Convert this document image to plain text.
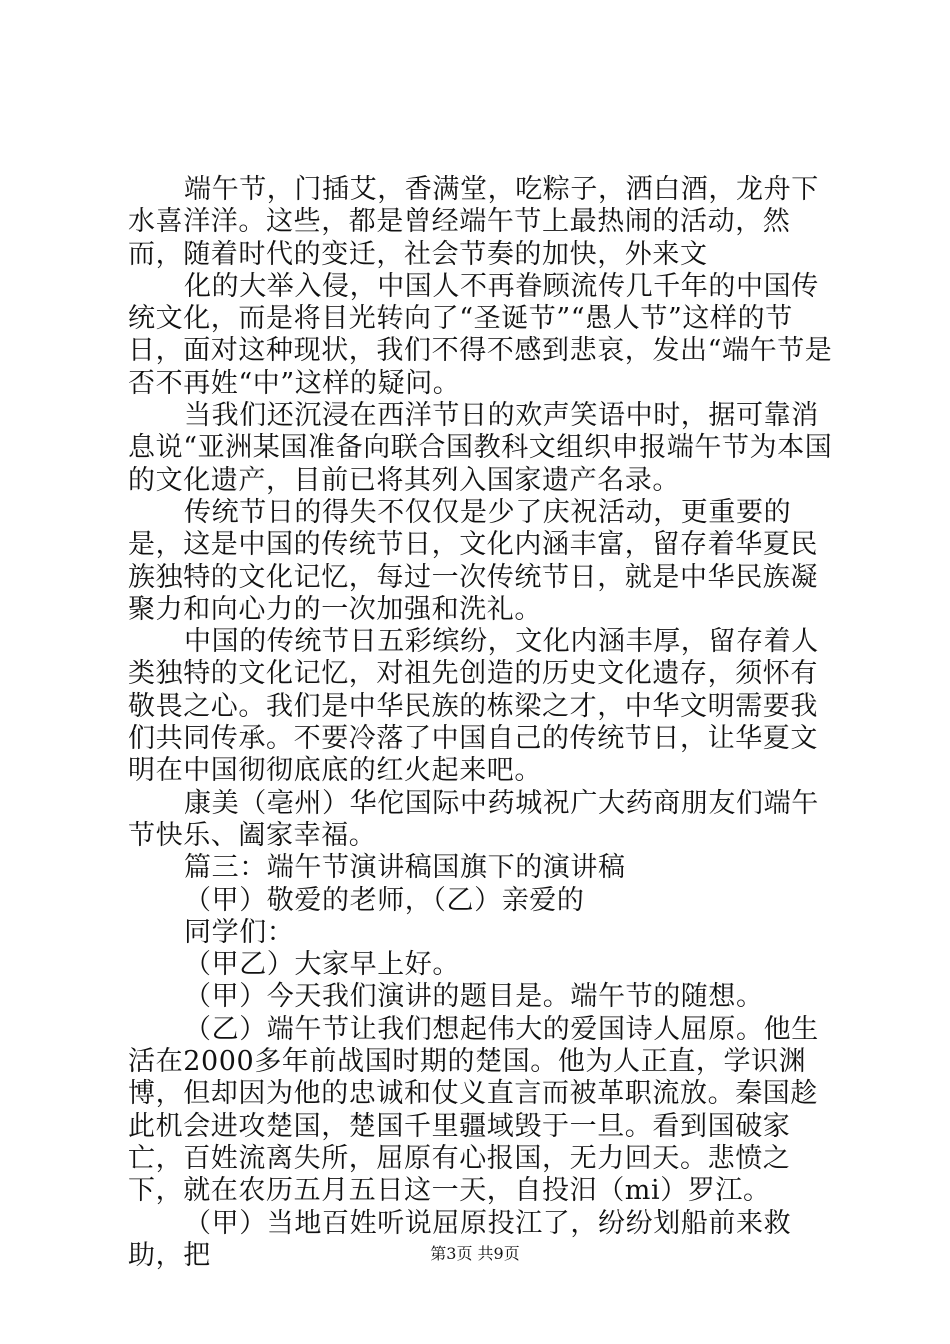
端午节，门插艾，香满堂，吃粽子，洒白酒，龙舟下水喜洋洋。这些，都是曾经端午节上最热闹的活动，然而，随着时代的变迁，社会节奏的加快，外来文

化的大举入侵，中国人不再眷顾流传几千年的中国传统文化，而是将目光转向了“圣诞节”“愚人节”这样的节日，面对这种现状，我们不得不感到悲哀，发出“端午节是否不再姓“中”这样的疑问。

当我们还沉浸在西洋节日的欢声笑语中时，据可靠消息说“亚洲某国准备向联合国教科文组织申报端午节为本国的文化遗产，目前已将其列入国家遗产名录。

传统节日的得失不仅仅是少了庆祝活动，更重要的是，这是中国的传统节日，文化内涵丰富，留存着华夏民族独特的文化记忆，每过一次传统节日，就是中华民族凝聚力和向心力的一次加强和洗礼。

中国的传统节日五彩缤纷，文化内涵丰厚，留存着人类独特的文化记忆，对祖先创造的历史文化遗存，须怀有敬畏之心。我们是中华民族的栋梁之才，中华文明需要我们共同传承。不要冷落了中国自己的传统节日，让华夏文明在中国彻彻底底的红火起来吧。

康美（亳州）华佗国际中药城祝广大药商朋友们端午节快乐、阖家幸福。

篇三：端午节演讲稿国旗下的演讲稿

（甲）敬爱的老师，（乙）亲爱的

同学们：

（甲乙）大家早上好。

（甲）今天我们演讲的题目是。端午节的随想。

（乙）端午节让我们想起伟大的爱国诗人屈原。他生活在2000多年前战国时期的楚国。他为人正直，学识渊博，但却因为他的忠诚和仗义直言而被革职流放。秦国趁此机会进攻楚国，楚国千里疆域毁于一旦。看到国破家亡，百姓流离失所，屈原有心报国，无力回天。悲愤之下，就在农历五月五日这一天，自投汨（mi）罗江。

（甲）当地百姓听说屈原投江了，纷纷划船前来救助，把	第3页 共9页
